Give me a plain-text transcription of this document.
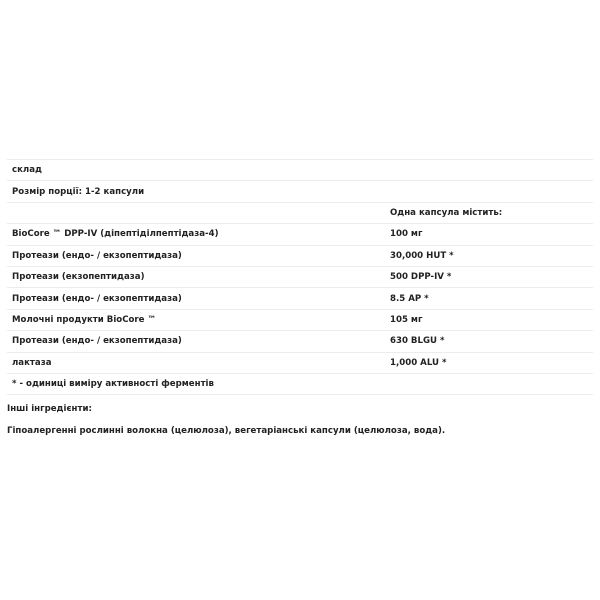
склад
Розмір порції: 1-2 капсули
Одна капсула містить:
BioCore ™ DPP-IV (діпептіділпептідаза-4)	100 мг
Протеази (ендо- / екзопептидаза)	30,000 HUT *
Протеази (екзопептидаза)	500 DPP-IV *
Протеази (ендо- / екзопептидаза)	8.5 AP *
Молочні продукти BioCore ™	105 мг
Протеази (ендо- / екзопептидаза)	630 BLGU *
лактаза	1,000 ALU *
* - одиниці виміру активності ферментів
Інші інгредієнти:
Гіпоалергенні рослинні волокна (целюлоза), вегетаріанські капсули (целюлоза, вода).
